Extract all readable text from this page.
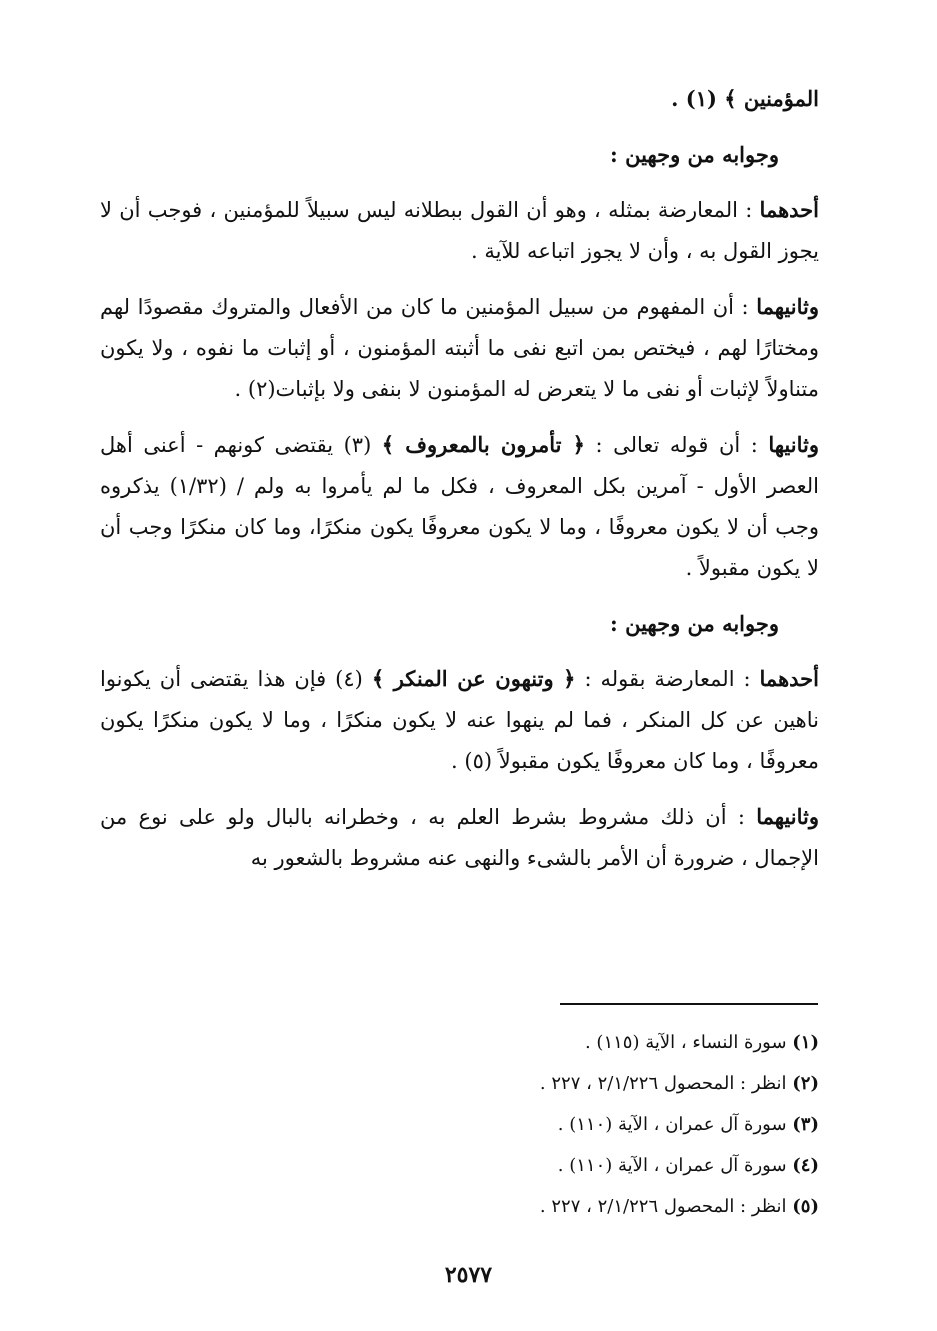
المؤمنين ﴾ (١) .

وجوابه من وجهين :

أحدهما : المعارضة بمثله ، وهو أن القول ببطلانه ليس سبيلاً للمؤمنين ، فوجب أن لا يجوز القول به ، وأن لا يجوز اتباعه للآية .

وثانيهما : أن المفهوم من سبيل المؤمنين ما كان من الأفعال والمتروك مقصودًا لهم ومختارًا لهم ، فيختص بمن اتبع نفى ما أثبته المؤمنون ، أو إثبات ما نفوه ، ولا يكون متناولاً لإثبات أو نفى ما لا يتعرض له المؤمنون لا بنفى ولا بإثبات(٢) .

وثانيها : أن قوله تعالى : ﴿ تأمرون بالمعروف ﴾ (٣) يقتضى كونهم - أعنى أهل العصر الأول - آمرين بكل المعروف ، فكل ما لم يأمروا به ولم / (١/٣٢) يذكروه وجب أن لا يكون معروفًا ، وما لا يكون معروفًا يكون منكرًا، وما كان منكرًا وجب أن لا يكون مقبولاً .

وجوابه من وجهين :

أحدهما : المعارضة بقوله : ﴿ وتنهون عن المنكر ﴾ (٤) فإن هذا يقتضى أن يكونوا ناهين عن كل المنكر ، فما لم ينهوا عنه لا يكون منكرًا ، وما لا يكون منكرًا يكون معروفًا ، وما كان معروفًا يكون مقبولاً (٥) .

وثانيهما : أن ذلك مشروط بشرط العلم به ، وخطرانه بالبال ولو على نوع من الإجمال ، ضرورة أن الأمر بالشىء والنهى عنه مشروط بالشعور به

(١) سورة النساء ، الآية (١١٥) .

(٢) انظر : المحصول ٢/١/٢٢٦ ، ٢٢٧ .

(٣) سورة آل عمران ، الآية (١١٠) .

(٤) سورة آل عمران ، الآية (١١٠) .

(٥) انظر : المحصول ٢/١/٢٢٦ ، ٢٢٧ .

٢٥٧٧
